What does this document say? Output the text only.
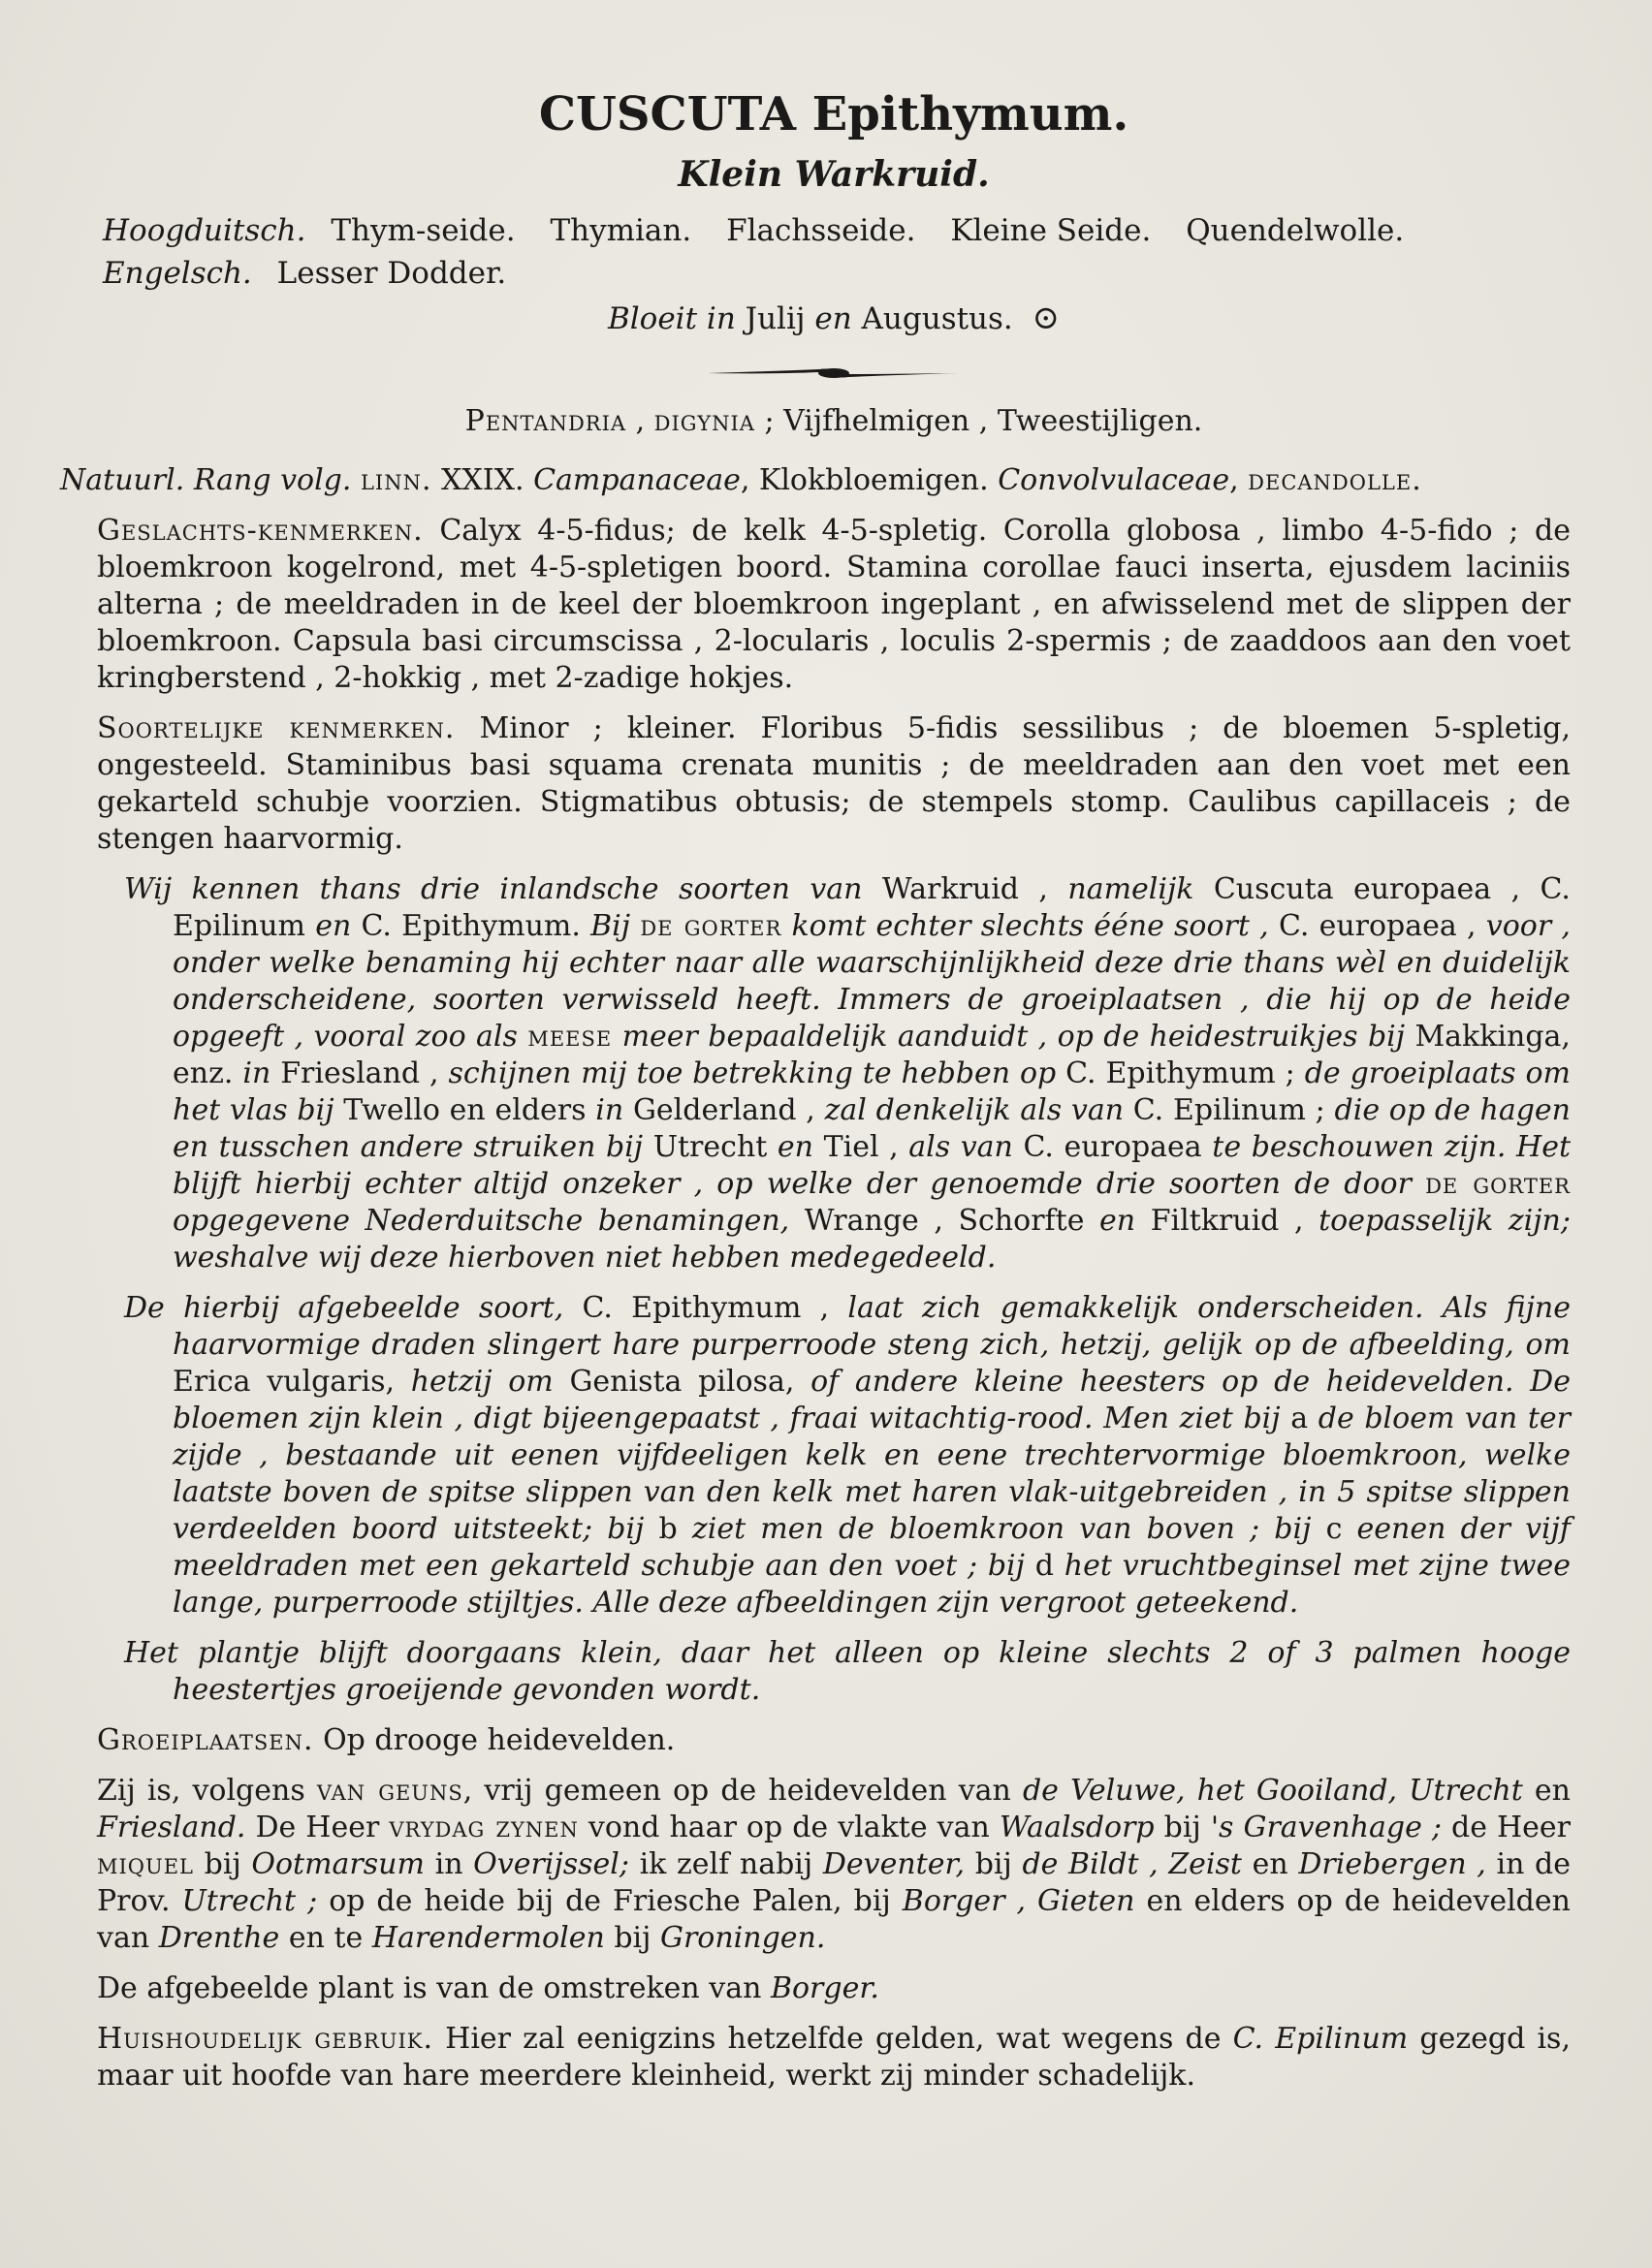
CUSCUTA Epithymum.
Klein Warkruid.
Hoogduitsch. Thym-seide. Thymian. Flachsseide. Kleine Seide. Quendelwolle.
Engelsch. Lesser Dodder.
Bloeit in Julij en Augustus. ⊙
Pentandria , digynia ; Vijfhelmigen , Tweestijligen.

Natuurl. Rang volg. linn. XXIX. Campanaceae, Klokbloemigen. Convolvulaceae, decandolle.

Geslachts-kenmerken. Calyx 4-5-fidus; de kelk 4-5-spletig. Corolla globosa , limbo 4-5-fido ; de bloemkroon kogelrond, met 4-5-spletigen boord. Stamina corollae fauci inserta, ejusdem laciniis alterna ; de meeldraden in de keel der bloemkroon ingeplant , en afwisselend met de slippen der bloemkroon. Capsula basi circumscissa , 2-locularis , loculis 2-spermis ; de zaaddoos aan den voet kringberstend , 2-hokkig , met 2-zadige hokjes.

Soortelijke kenmerken. Minor ; kleiner. Floribus 5-fidis sessilibus ; de bloemen 5-spletig, ongesteeld. Staminibus basi squama crenata munitis ; de meeldraden aan den voet met een gekarteld schubje voorzien. Stigmatibus obtusis; de stempels stomp. Caulibus capillaceis ; de stengen haarvormig.

Wij kennen thans drie inlandsche soorten van Warkruid , namelijk Cuscuta europaea , C. Epilinum en C. Epithymum. Bij de gorter komt echter slechts ééne soort , C. europaea , voor , onder welke benaming hij echter naar alle waarschijnlijkheid deze drie thans wèl en duidelijk onderscheidene, soorten verwisseld heeft. Immers de groeiplaatsen , die hij op de heide opgeeft , vooral zoo als meese meer bepaaldelijk aanduidt , op de heidestruikjes bij Makkinga, enz. in Friesland , schijnen mij toe betrekking te hebben op C. Epithymum ; de groeiplaats om het vlas bij Twello en elders in Gelderland , zal denkelijk als van C. Epilinum ; die op de hagen en tusschen andere struiken bij Utrecht en Tiel , als van C. europaea te beschouwen zijn. Het blijft hierbij echter altijd onzeker , op welke der genoemde drie soorten de door de gorter opgegevene Nederduitsche benamingen, Wrange , Schorfte en Filtkruid , toepasselijk zijn; weshalve wij deze hierboven niet hebben medegedeeld.

De hierbij afgebeelde soort, C. Epithymum , laat zich gemakkelijk onderscheiden. Als fijne haarvormige draden slingert hare purperroode steng zich, hetzij, gelijk op de afbeelding, om Erica vulgaris, hetzij om Genista pilosa, of andere kleine heesters op de heidevelden. De bloemen zijn klein , digt bijeengepaatst , fraai witachtig-rood. Men ziet bij a de bloem van ter zijde , bestaande uit eenen vijfdeeligen kelk en eene trechtervormige bloemkroon, welke laatste boven de spitse slippen van den kelk met haren vlak-uitgebreiden , in 5 spitse slippen verdeelden boord uitsteekt; bij b ziet men de bloemkroon van boven ; bij c eenen der vijf meeldraden met een gekarteld schubje aan den voet ; bij d het vruchtbeginsel met zijne twee lange, purperroode stijltjes. Alle deze afbeeldingen zijn vergroot geteekend.

Het plantje blijft doorgaans klein, daar het alleen op kleine slechts 2 of 3 palmen hooge heestertjes groeijende gevonden wordt.

Groeiplaatsen. Op drooge heidevelden.

Zij is, volgens van geuns, vrij gemeen op de heidevelden van de Veluwe, het Gooiland, Utrecht en Friesland. De Heer vrydag zynen vond haar op de vlakte van Waalsdorp bij 's Gravenhage ; de Heer miquel bij Ootmarsum in Overijssel; ik zelf nabij Deventer, bij de Bildt , Zeist en Driebergen , in de Prov. Utrecht ; op de heide bij de Friesche Palen, bij Borger , Gieten en elders op de heidevelden van Drenthe en te Harendermolen bij Groningen.

De afgebeelde plant is van de omstreken van Borger.

Huishoudelijk gebruik. Hier zal eenigzins hetzelfde gelden, wat wegens de C. Epilinum gezegd is, maar uit hoofde van hare meerdere kleinheid, werkt zij minder schadelijk.
